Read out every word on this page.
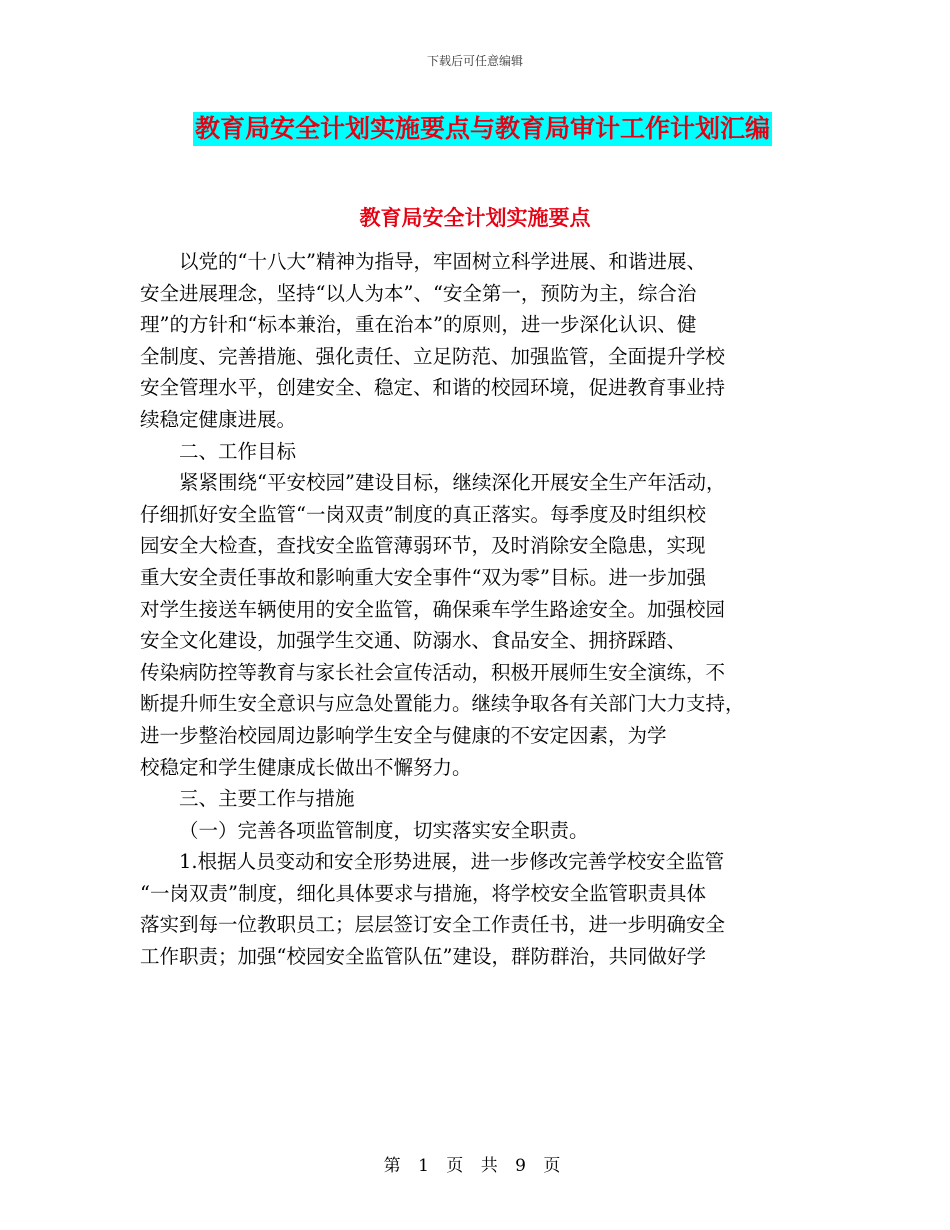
下载后可任意编辑
教育局安全计划实施要点与教育局审计工作计划汇编
教育局安全计划实施要点
以党的“十八大”精神为指导，牢固树立科学进展、和谐进展、
安全进展理念，坚持“以人为本”、“安全第一，预防为主，综合治
理”的方针和“标本兼治，重在治本”的原则，进一步深化认识、健
全制度、完善措施、强化责任、立足防范、加强监管，全面提升学校
安全管理水平，创建安全、稳定、和谐的校园环境，促进教育事业持
续稳定健康进展。
二、工作目标
紧紧围绕“平安校园”建设目标，继续深化开展安全生产年活动，
仔细抓好安全监管“一岗双责”制度的真正落实。每季度及时组织校
园安全大检查，查找安全监管薄弱环节，及时消除安全隐患，实现
重大安全责任事故和影响重大安全事件“双为零”目标。进一步加强
对学生接送车辆使用的安全监管，确保乘车学生路途安全。加强校园
安全文化建设，加强学生交通、防溺水、食品安全、拥挤踩踏、
传染病防控等教育与家长社会宣传活动，积极开展师生安全演练，不
断提升师生安全意识与应急处置能力。继续争取各有关部门大力支持，
进一步整治校园周边影响学生安全与健康的不安定因素，为学
校稳定和学生健康成长做出不懈努力。
三、主要工作与措施
（一）完善各项监管制度，切实落实安全职责。
1.根据人员变动和安全形势进展，进一步修改完善学校安全监管
“一岗双责”制度，细化具体要求与措施，将学校安全监管职责具体
落实到每一位教职员工；层层签订安全工作责任书，进一步明确安全
工作职责；加强“校园安全监管队伍”建设，群防群治，共同做好学
第 1 页 共 9 页
